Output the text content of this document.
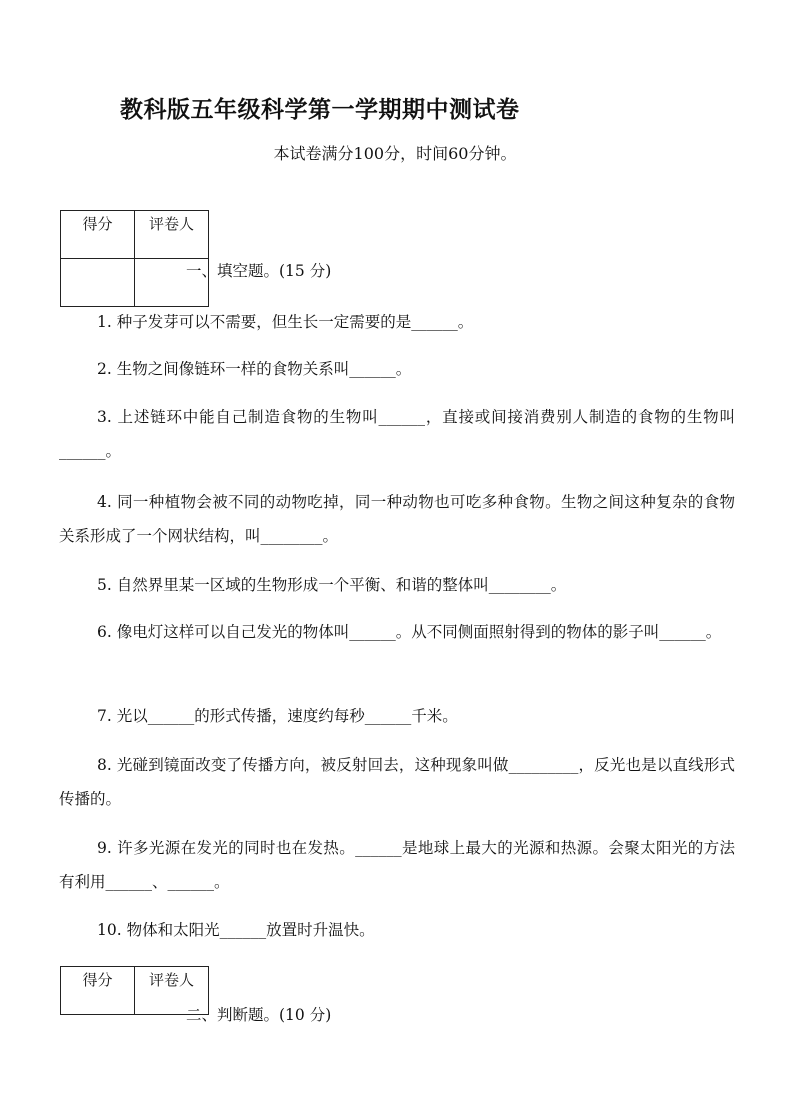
教科版五年级科学第一学期期中测试卷
本试卷满分100分，时间60分钟。
得分	评卷人

一、填空题。(15 分)
1. 种子发芽可以不需要，但生长一定需要的是______。
2. 生物之间像链环一样的食物关系叫______。
3. 上述链环中能自己制造食物的生物叫______，直接或间接消费别人制造的食物的生物叫______。
4. 同一种植物会被不同的动物吃掉，同一种动物也可吃多种食物。生物之间这种复杂的食物关系形成了一个网状结构，叫________。
5. 自然界里某一区域的生物形成一个平衡、和谐的整体叫________。
6. 像电灯这样可以自己发光的物体叫______。从不同侧面照射得到的物体的影子叫______。
7. 光以______的形式传播，速度约每秒______千米。
8. 光碰到镜面改变了传播方向，被反射回去，这种现象叫做_________，反光也是以直线形式传播的。
9. 许多光源在发光的同时也在发热。______是地球上最大的光源和热源。会聚太阳光的方法有利用______、______。
10. 物体和太阳光______放置时升温快。
得分	评卷人
二、判断题。(10 分)
